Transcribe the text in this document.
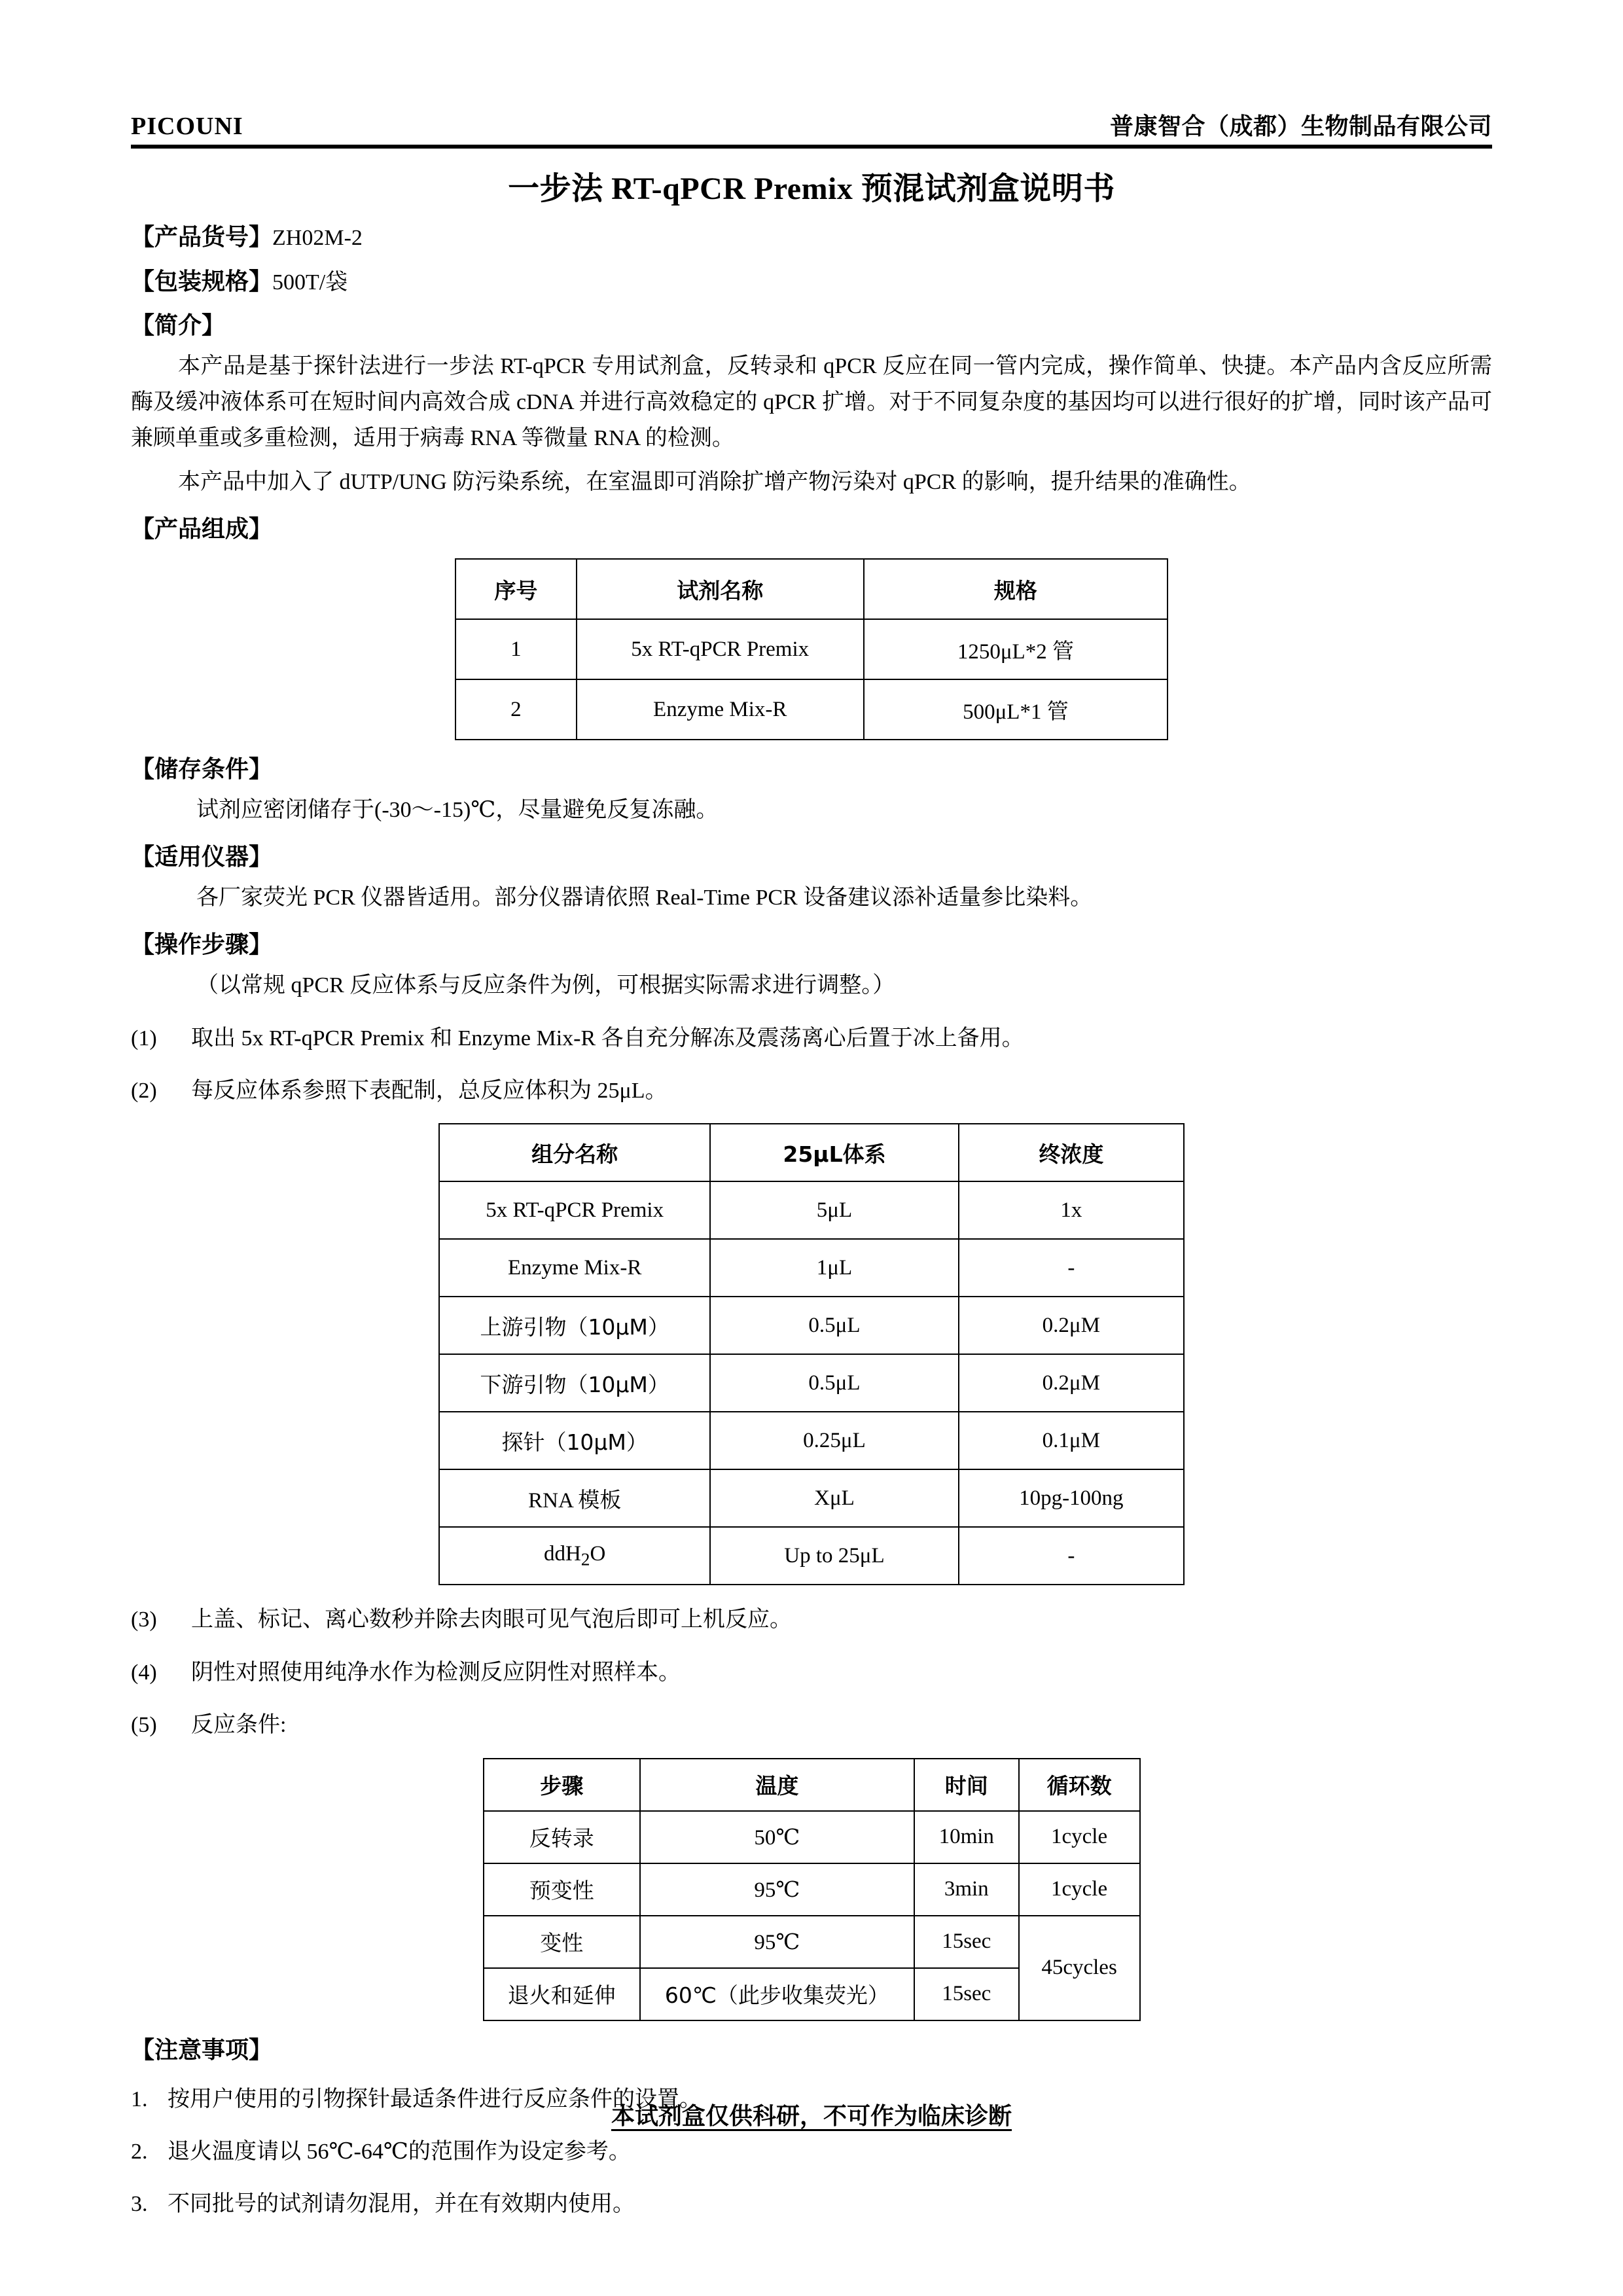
PICOUNI	普康智合（成都）生物制品有限公司
一步法 RT-qPCR Premix 预混试剂盒说明书
【产品货号】ZH02M-2
【包装规格】500T/袋
【简介】
本产品是基于探针法进行一步法 RT-qPCR 专用试剂盒，反转录和 qPCR 反应在同一管内完成，操作简单、快捷。本产品内含反应所需酶及缓冲液体系可在短时间内高效合成 cDNA 并进行高效稳定的 qPCR 扩增。对于不同复杂度的基因均可以进行很好的扩增，同时该产品可兼顾单重或多重检测，适用于病毒 RNA 等微量 RNA 的检测。
本产品中加入了 dUTP/UNG 防污染系统，在室温即可消除扩增产物污染对 qPCR 的影响，提升结果的准确性。
【产品组成】
序号	试剂名称	规格
1	5x RT-qPCR Premix	1250μL*2 管
2	Enzyme Mix-R	500μL*1 管
【储存条件】
试剂应密闭储存于(-30～-15)℃，尽量避免反复冻融。
【适用仪器】
各厂家荧光 PCR 仪器皆适用。部分仪器请依照 Real-Time PCR 设备建议添补适量参比染料。
【操作步骤】
（以常规 qPCR 反应体系与反应条件为例，可根据实际需求进行调整。）
(1)	取出 5x RT-qPCR Premix 和 Enzyme Mix-R 各自充分解冻及震荡离心后置于冰上备用。
(2)	每反应体系参照下表配制，总反应体积为 25μL。
组分名称	25μL体系	终浓度
5x RT-qPCR Premix	5μL	1x
Enzyme Mix-R	1μL	-
上游引物（10μM）	0.5μL	0.2μM
下游引物（10μM）	0.5μL	0.2μM
探针（10μM）	0.25μL	0.1μM
RNA 模板	XμL	10pg-100ng
ddH$_2$O	Up to 25μL	-
(3)	上盖、标记、离心数秒并除去肉眼可见气泡后即可上机反应。
(4)	阴性对照使用纯净水作为检测反应阴性对照样本。
(5)	反应条件:
步骤	温度	时间	循环数
反转录	50℃	10min	1cycle
预变性	95℃	3min	1cycle
变性	95℃	15sec	45cycles
退火和延伸	60℃（此步收集荧光）	15sec	
【注意事项】
1. 按用户使用的引物探针最适条件进行反应条件的设置。
2. 退火温度请以 56℃-64℃的范围作为设定参考。
3. 不同批号的试剂请勿混用，并在有效期内使用。
本试剂盒仅供科研，不可作为临床诊断
